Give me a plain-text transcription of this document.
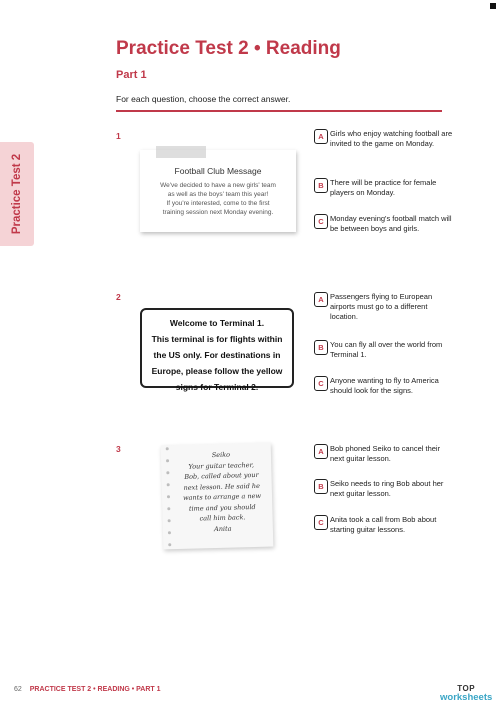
Practice Test 2
Practice Test 2 • Reading
Part 1
For each question, choose the correct answer.
1
Football Club Message
We've decided to have a new girls' team
as well as the boys' team this year!
If you're interested, come to the first
training session next Monday evening.
A Girls who enjoy watching football are invited to the game on Monday.
B There will be practice for female players on Monday.
C Monday evening's football match will be between boys and girls.
2
Welcome to Terminal 1.
This terminal is for flights within
the US only. For destinations in
Europe, please follow the yellow
signs for Terminal 2.
A Passengers flying to European airports must go to a different location.
B You can fly all over the world from Terminal 1.
C Anyone wanting to fly to America should look for the signs.
3
Seiko
Your guitar teacher,
Bob, called about your
next lesson. He said he
wants to arrange a new
time and you should
call him back.
Anita
A Bob phoned Seiko to cancel their next guitar lesson.
B Seiko needs to ring Bob about her next guitar lesson.
C Anita took a call from Bob about starting guitar lessons.
62 PRACTICE TEST 2 • READING • PART 1	TOP
worksheets
